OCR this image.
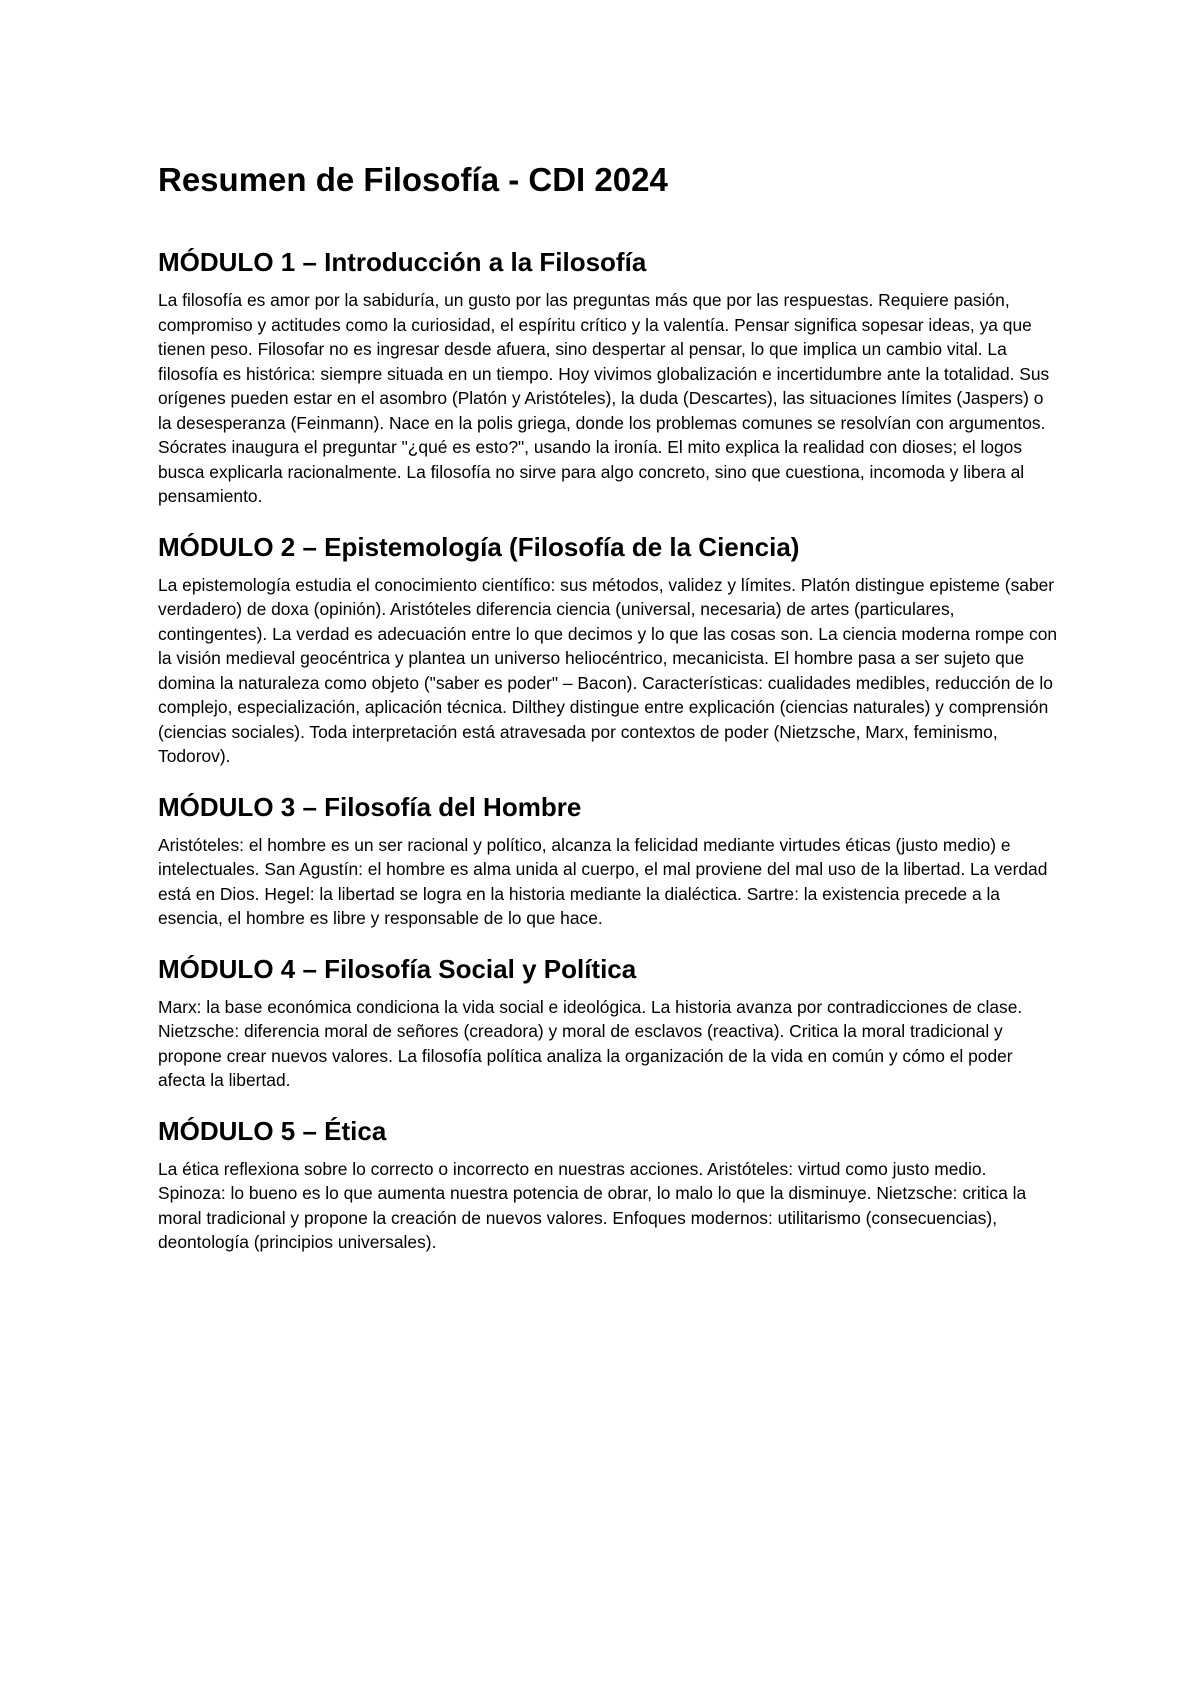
Resumen de Filosofía - CDI 2024
MÓDULO 1 – Introducción a la Filosofía

La filosofía es amor por la sabiduría, un gusto por las preguntas más que por las respuestas. Requiere pasión, compromiso y actitudes como la curiosidad, el espíritu crítico y la valentía. Pensar significa sopesar ideas, ya que tienen peso. Filosofar no es ingresar desde afuera, sino despertar al pensar, lo que implica un cambio vital. La filosofía es histórica: siempre situada en un tiempo. Hoy vivimos globalización e incertidumbre ante la totalidad. Sus orígenes pueden estar en el asombro (Platón y Aristóteles), la duda (Descartes), las situaciones límites (Jaspers) o la desesperanza (Feinmann). Nace en la polis griega, donde los problemas comunes se resolvían con argumentos. Sócrates inaugura el preguntar "¿qué es esto?", usando la ironía. El mito explica la realidad con dioses; el logos busca explicarla racionalmente. La filosofía no sirve para algo concreto, sino que cuestiona, incomoda y libera al pensamiento.

MÓDULO 2 – Epistemología (Filosofía de la Ciencia)

La epistemología estudia el conocimiento científico: sus métodos, validez y límites. Platón distingue episteme (saber verdadero) de doxa (opinión). Aristóteles diferencia ciencia (universal, necesaria) de artes (particulares, contingentes). La verdad es adecuación entre lo que decimos y lo que las cosas son. La ciencia moderna rompe con la visión medieval geocéntrica y plantea un universo heliocéntrico, mecanicista. El hombre pasa a ser sujeto que domina la naturaleza como objeto ("saber es poder" – Bacon). Características: cualidades medibles, reducción de lo complejo, especialización, aplicación técnica. Dilthey distingue entre explicación (ciencias naturales) y comprensión (ciencias sociales). Toda interpretación está atravesada por contextos de poder (Nietzsche, Marx, feminismo, Todorov).

MÓDULO 3 – Filosofía del Hombre

Aristóteles: el hombre es un ser racional y político, alcanza la felicidad mediante virtudes éticas (justo medio) e intelectuales. San Agustín: el hombre es alma unida al cuerpo, el mal proviene del mal uso de la libertad. La verdad está en Dios. Hegel: la libertad se logra en la historia mediante la dialéctica. Sartre: la existencia precede a la esencia, el hombre es libre y responsable de lo que hace.

MÓDULO 4 – Filosofía Social y Política

Marx: la base económica condiciona la vida social e ideológica. La historia avanza por contradicciones de clase. Nietzsche: diferencia moral de señores (creadora) y moral de esclavos (reactiva). Critica la moral tradicional y propone crear nuevos valores. La filosofía política analiza la organización de la vida en común y cómo el poder afecta la libertad.

MÓDULO 5 – Ética

La ética reflexiona sobre lo correcto o incorrecto en nuestras acciones. Aristóteles: virtud como justo medio. Spinoza: lo bueno es lo que aumenta nuestra potencia de obrar, lo malo lo que la disminuye. Nietzsche: critica la moral tradicional y propone la creación de nuevos valores. Enfoques modernos: utilitarismo (consecuencias), deontología (principios universales).
